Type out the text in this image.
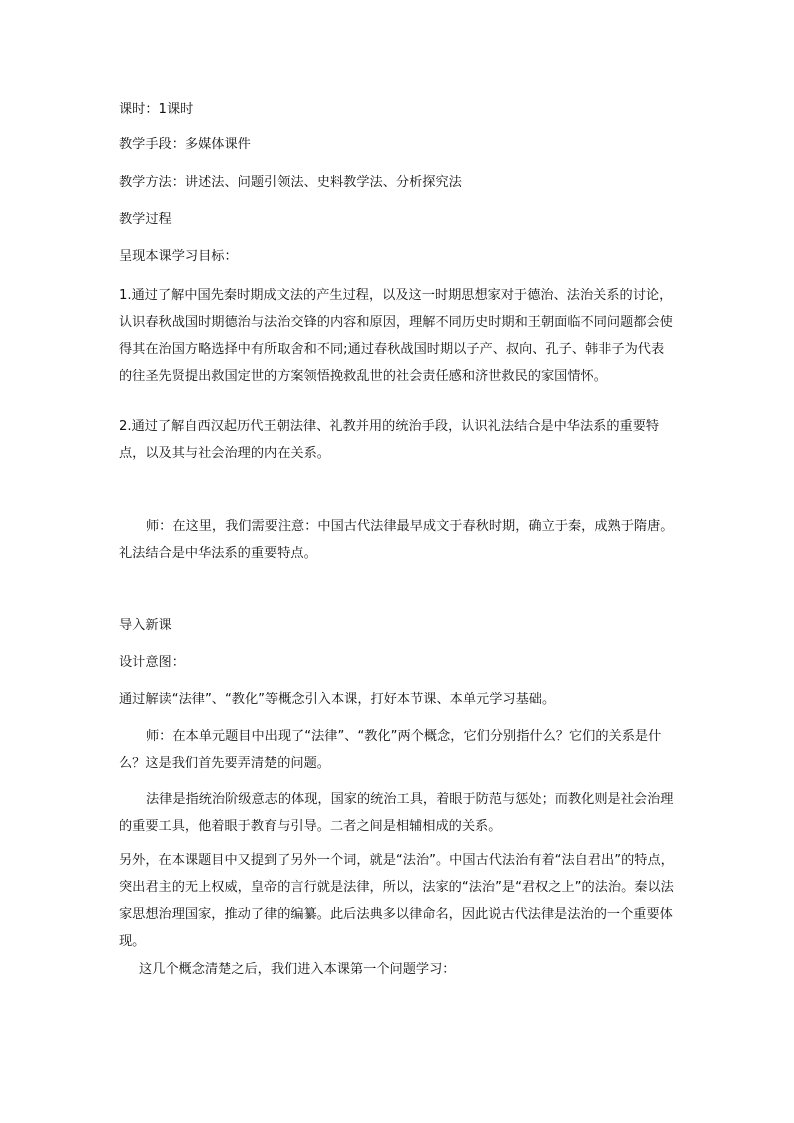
课时：1课时

教学手段：多媒体课件

教学方法：讲述法、问题引领法、史料教学法、分析探究法

教学过程

呈现本课学习目标：

1.通过了解中国先秦时期成文法的产生过程，以及这一时期思想家对于德治、法治关系的讨论，认识春秋战国时期德治与法治交锋的内容和原因，理解不同历史时期和王朝面临不同问题都会使得其在治国方略选择中有所取舍和不同;通过春秋战国时期以子产、叔向、孔子、韩非子为代表的往圣先贤提出救国定世的方案领悟挽救乱世的社会责任感和济世救民的家国情怀。

2.通过了解自西汉起历代王朝法律、礼教并用的统治手段，认识礼法结合是中华法系的重要特点，以及其与社会治理的内在关系。

师：在这里，我们需要注意：中国古代法律最早成文于春秋时期，确立于秦，成熟于隋唐。礼法结合是中华法系的重要特点。

导入新课

设计意图：

通过解读“法律”、“教化”等概念引入本课，打好本节课、本单元学习基础。

师：在本单元题目中出现了“法律”、“教化”两个概念，它们分别指什么？它们的关系是什么？这是我们首先要弄清楚的问题。

法律是指统治阶级意志的体现，国家的统治工具，着眼于防范与惩处；而教化则是社会治理的重要工具，他着眼于教育与引导。二者之间是相辅相成的关系。

另外，在本课题目中又提到了另外一个词，就是“法治”。中国古代法治有着“法自君出”的特点，突出君主的无上权威，皇帝的言行就是法律，所以，法家的“法治”是“君权之上”的法治。秦以法家思想治理国家，推动了律的编纂。此后法典多以律命名，因此说古代法律是法治的一个重要体现。

这几个概念清楚之后，我们进入本课第一个问题学习：
